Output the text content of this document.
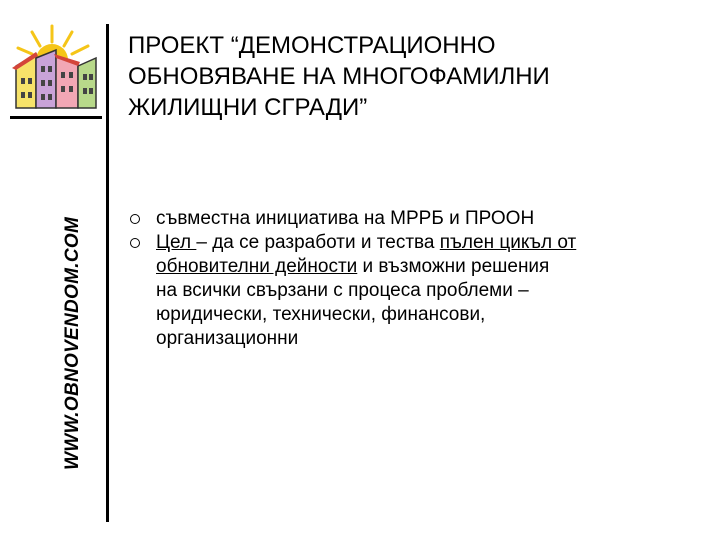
WWW.OBNOVENDOM.COM
ПРОЕКТ “ДЕМОНСТРАЦИОННО
ОБНОВЯВАНЕ НА МНОГОФАМИЛНИ
ЖИЛИЩНИ СГРАДИ”
съвместна инициатива на МРРБ и ПРООН
Цел – да се разработи и тества пълен цикъл от
обновителни дейности и възможни решения
на всички свързани с процеса проблеми –
юридически, технически, финансови,
организационни
